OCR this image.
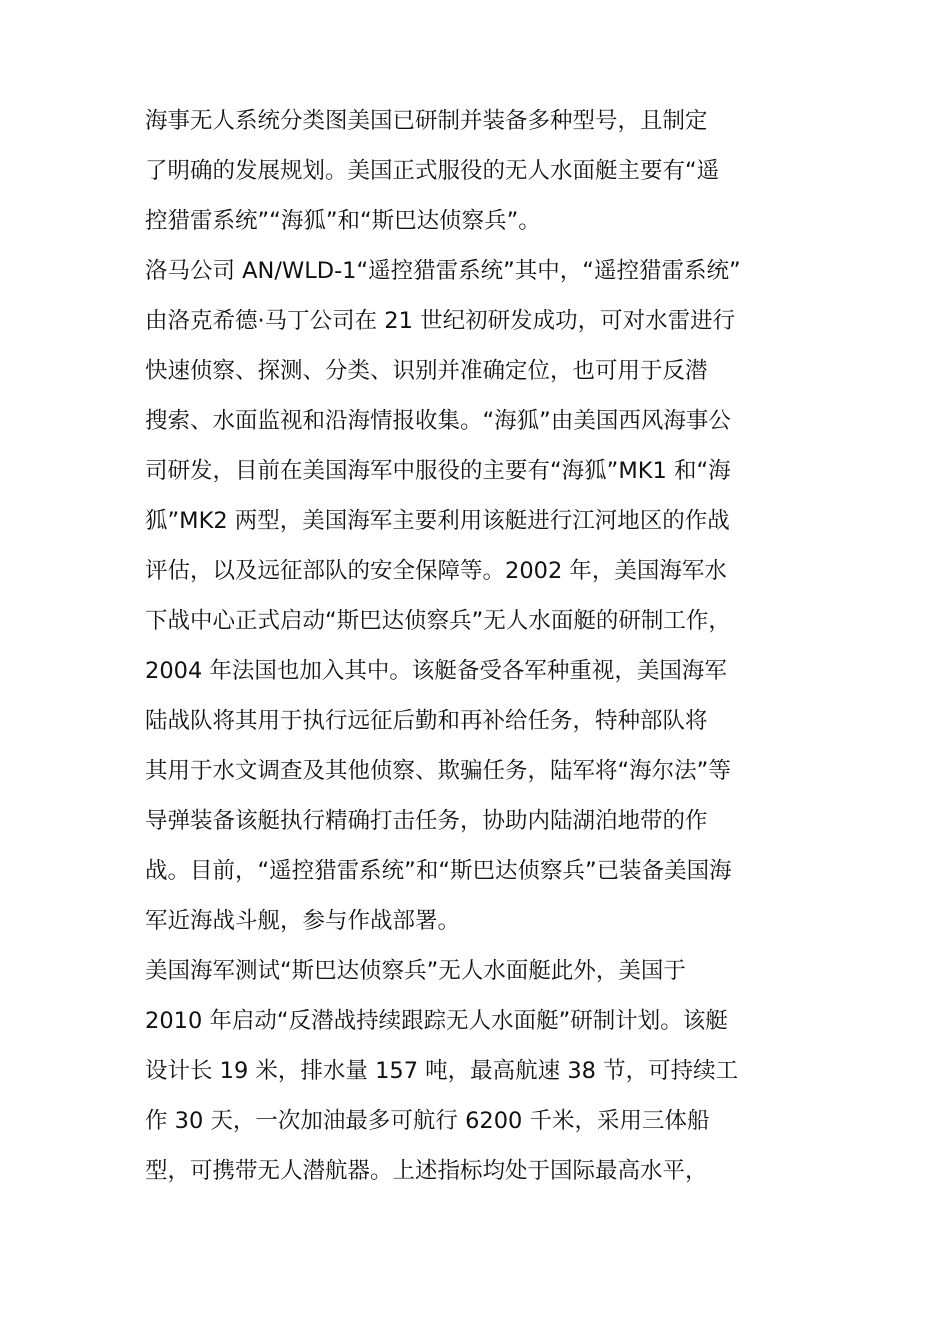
海事无人系统分类图美国已研制并装备多种型号，且制定
了明确的发展规划。美国正式服役的无人水面艇主要有“遥
控猎雷系统”“海狐”和“斯巴达侦察兵”。
洛马公司 AN/WLD-1“遥控猎雷系统”其中，“遥控猎雷系统”
由洛克希德·马丁公司在 21 世纪初研发成功，可对水雷进行
快速侦察、探测、分类、识别并准确定位，也可用于反潜
搜索、水面监视和沿海情报收集。“海狐”由美国西风海事公
司研发，目前在美国海军中服役的主要有“海狐”MK1 和“海
狐”MK2 两型，美国海军主要利用该艇进行江河地区的作战
评估，以及远征部队的安全保障等。2002 年，美国海军水
下战中心正式启动“斯巴达侦察兵”无人水面艇的研制工作，
2004 年法国也加入其中。该艇备受各军种重视，美国海军
陆战队将其用于执行远征后勤和再补给任务，特种部队将
其用于水文调查及其他侦察、欺骗任务，陆军将“海尔法”等
导弹装备该艇执行精确打击任务，协助内陆湖泊地带的作
战。目前，“遥控猎雷系统”和“斯巴达侦察兵”已装备美国海
军近海战斗舰，参与作战部署。
美国海军测试“斯巴达侦察兵”无人水面艇此外，美国于
2010 年启动“反潜战持续跟踪无人水面艇”研制计划。该艇
设计长 19 米，排水量 157 吨，最高航速 38 节，可持续工
作 30 天，一次加油最多可航行 6200 千米，采用三体船
型，可携带无人潜航器。上述指标均处于国际最高水平，
